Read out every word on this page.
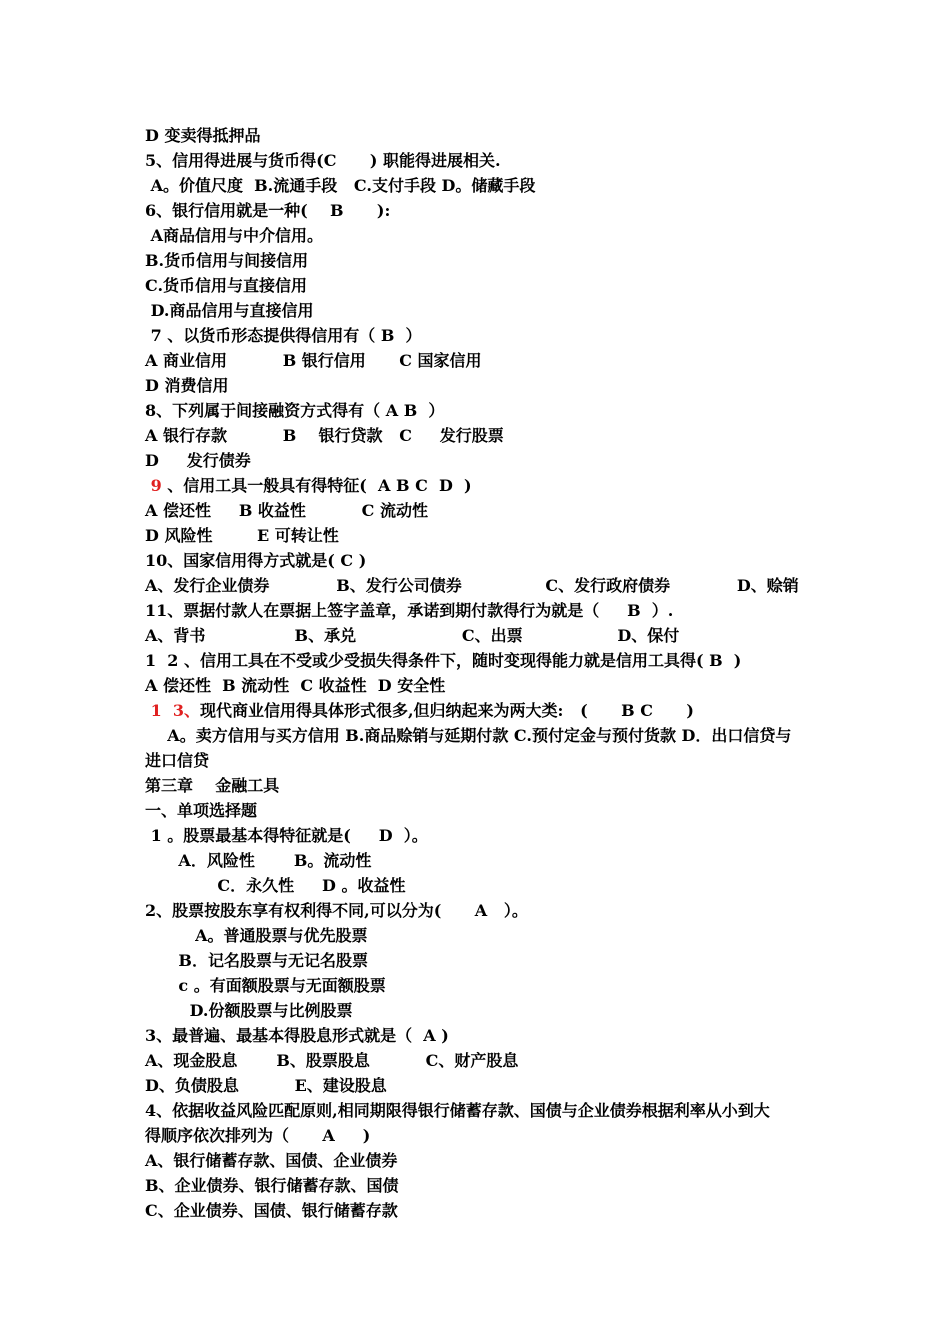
D 变卖得抵押品

5、信用得进展与货币得(C      ) 职能得进展相关.

A。价值尺度  B.流通手段   C.支付手段 D。储藏手段

6、银行信用就是一种(    B      ):

A商品信用与中介信用。

B.货币信用与间接信用

C.货币信用与直接信用

D.商品信用与直接信用

7 、以货币形态提供得信用有（ B  ）

A 商业信用          B 银行信用      C 国家信用

D 消费信用

8、下列属于间接融资方式得有（ A B  ）

A 银行存款          B    银行贷款   C     发行股票

D     发行债券

9 、信用工具一般具有得特征(  A B C  D  )

A 偿还性     B 收益性          C 流动性

D 风险性        E 可转让性

10、国家信用得方式就是( C )

A、发行企业债券            B、发行公司债券               C、发行政府债券            D、赊销

11、票据付款人在票据上签字盖章，承诺到期付款得行为就是（     B  ）.

A、背书                B、承兑                   C、出票                 D、保付

1  2 、信用工具在不受或少受损失得条件下，随时变现得能力就是信用工具得( B  )

A 偿还性  B 流动性  C 收益性  D 安全性

1  3、现代商业信用得具体形式很多,但归纳起来为两大类:   (      B C      )

A。卖方信用与买方信用 B.商品赊销与延期付款 C.预付定金与预付货款 D．出口信贷与

进口信贷

第三章    金融工具

一、单项选择题

1 。股票最基本得特征就是(     D  ）。

A．风险性       B。流动性

C．永久性     D 。收益性

2、股票按股东享有权利得不同,可以分为(      A   ）。

A。普通股票与优先股票

B．记名股票与无记名股票

c 。有面额股票与无面额股票

D.份额股票与比例股票

3、最普遍、最基本得股息形式就是（  A )

A、现金股息       B、股票股息          C、财产股息

D、负债股息          E、建设股息

4、依据收益风险匹配原则,相同期限得银行储蓄存款、国债与企业债券根据利率从小到大

得顺序依次排列为（      A     )

A、银行储蓄存款、国债、企业债券

B、企业债券、银行储蓄存款、国债

C、企业债券、国债、银行储蓄存款
